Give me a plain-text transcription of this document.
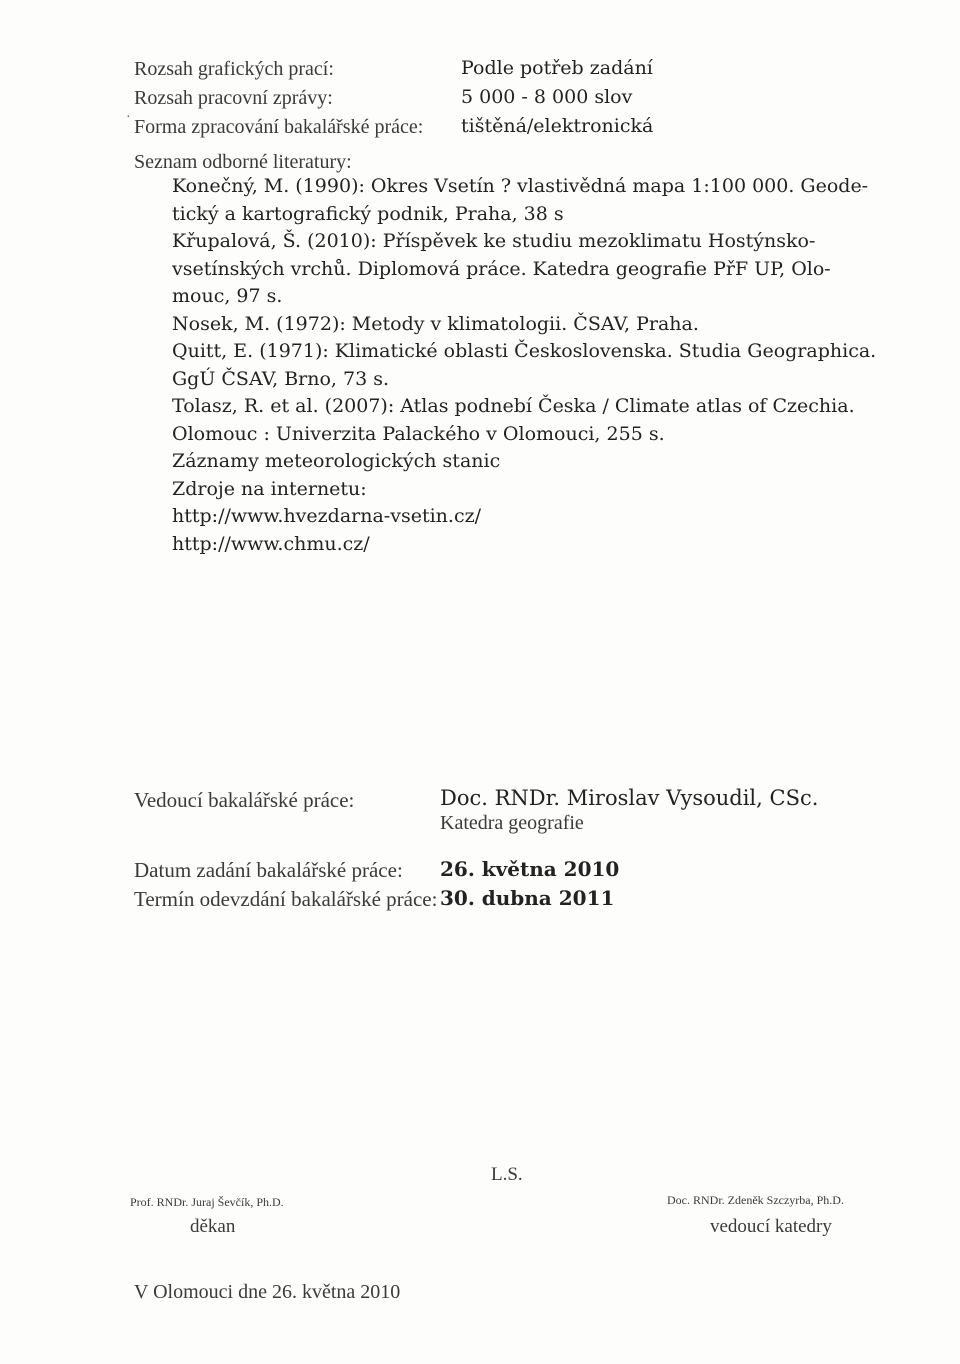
Rozsah grafických prací:	Podle potřeb zadání
Rozsah pracovní zprávy:	5 000 - 8 000 slov
· Forma zpracování bakalářské práce: tištěná/elektronická
Seznam odborné literatury:
Konečný, M. (1990): Okres Vsetín ? vlastivědná mapa 1:100 000. Geode-
tický a kartografický podnik, Praha, 38 s
Křupalová, Š. (2010): Příspěvek ke studiu mezoklimatu Hostýnsko-
vsetínských vrchů. Diplomová práce. Katedra geografie PřF UP, Olo-
mouc, 97 s.
Nosek, M. (1972): Metody v klimatologii. ČSAV, Praha.
Quitt, E. (1971): Klimatické oblasti Československa. Studia Geographica.
GgÚ ČSAV, Brno, 73 s.
Tolasz, R. et al. (2007): Atlas podnebí Česka / Climate atlas of Czechia.
Olomouc : Univerzita Palackého v Olomouci, 255 s.
Záznamy meteorologických stanic
Zdroje na internetu:
http://www.hvezdarna-vsetin.cz/
http://www.chmu.cz/
Vedoucí bakalářské práce:	Doc. RNDr. Miroslav Vysoudil, CSc.
Katedra geografie
Datum zadání bakalářské práce: 26. května 2010
Termín odevzdání bakalářské práce: 30. dubna 2011
L.S.
Prof. RNDr. Juraj Ševčík, Ph.D.
děkan
Doc. RNDr. Zdeněk Szczyrba, Ph.D.
vedoucí katedry
V Olomouci dne 26. května 2010
